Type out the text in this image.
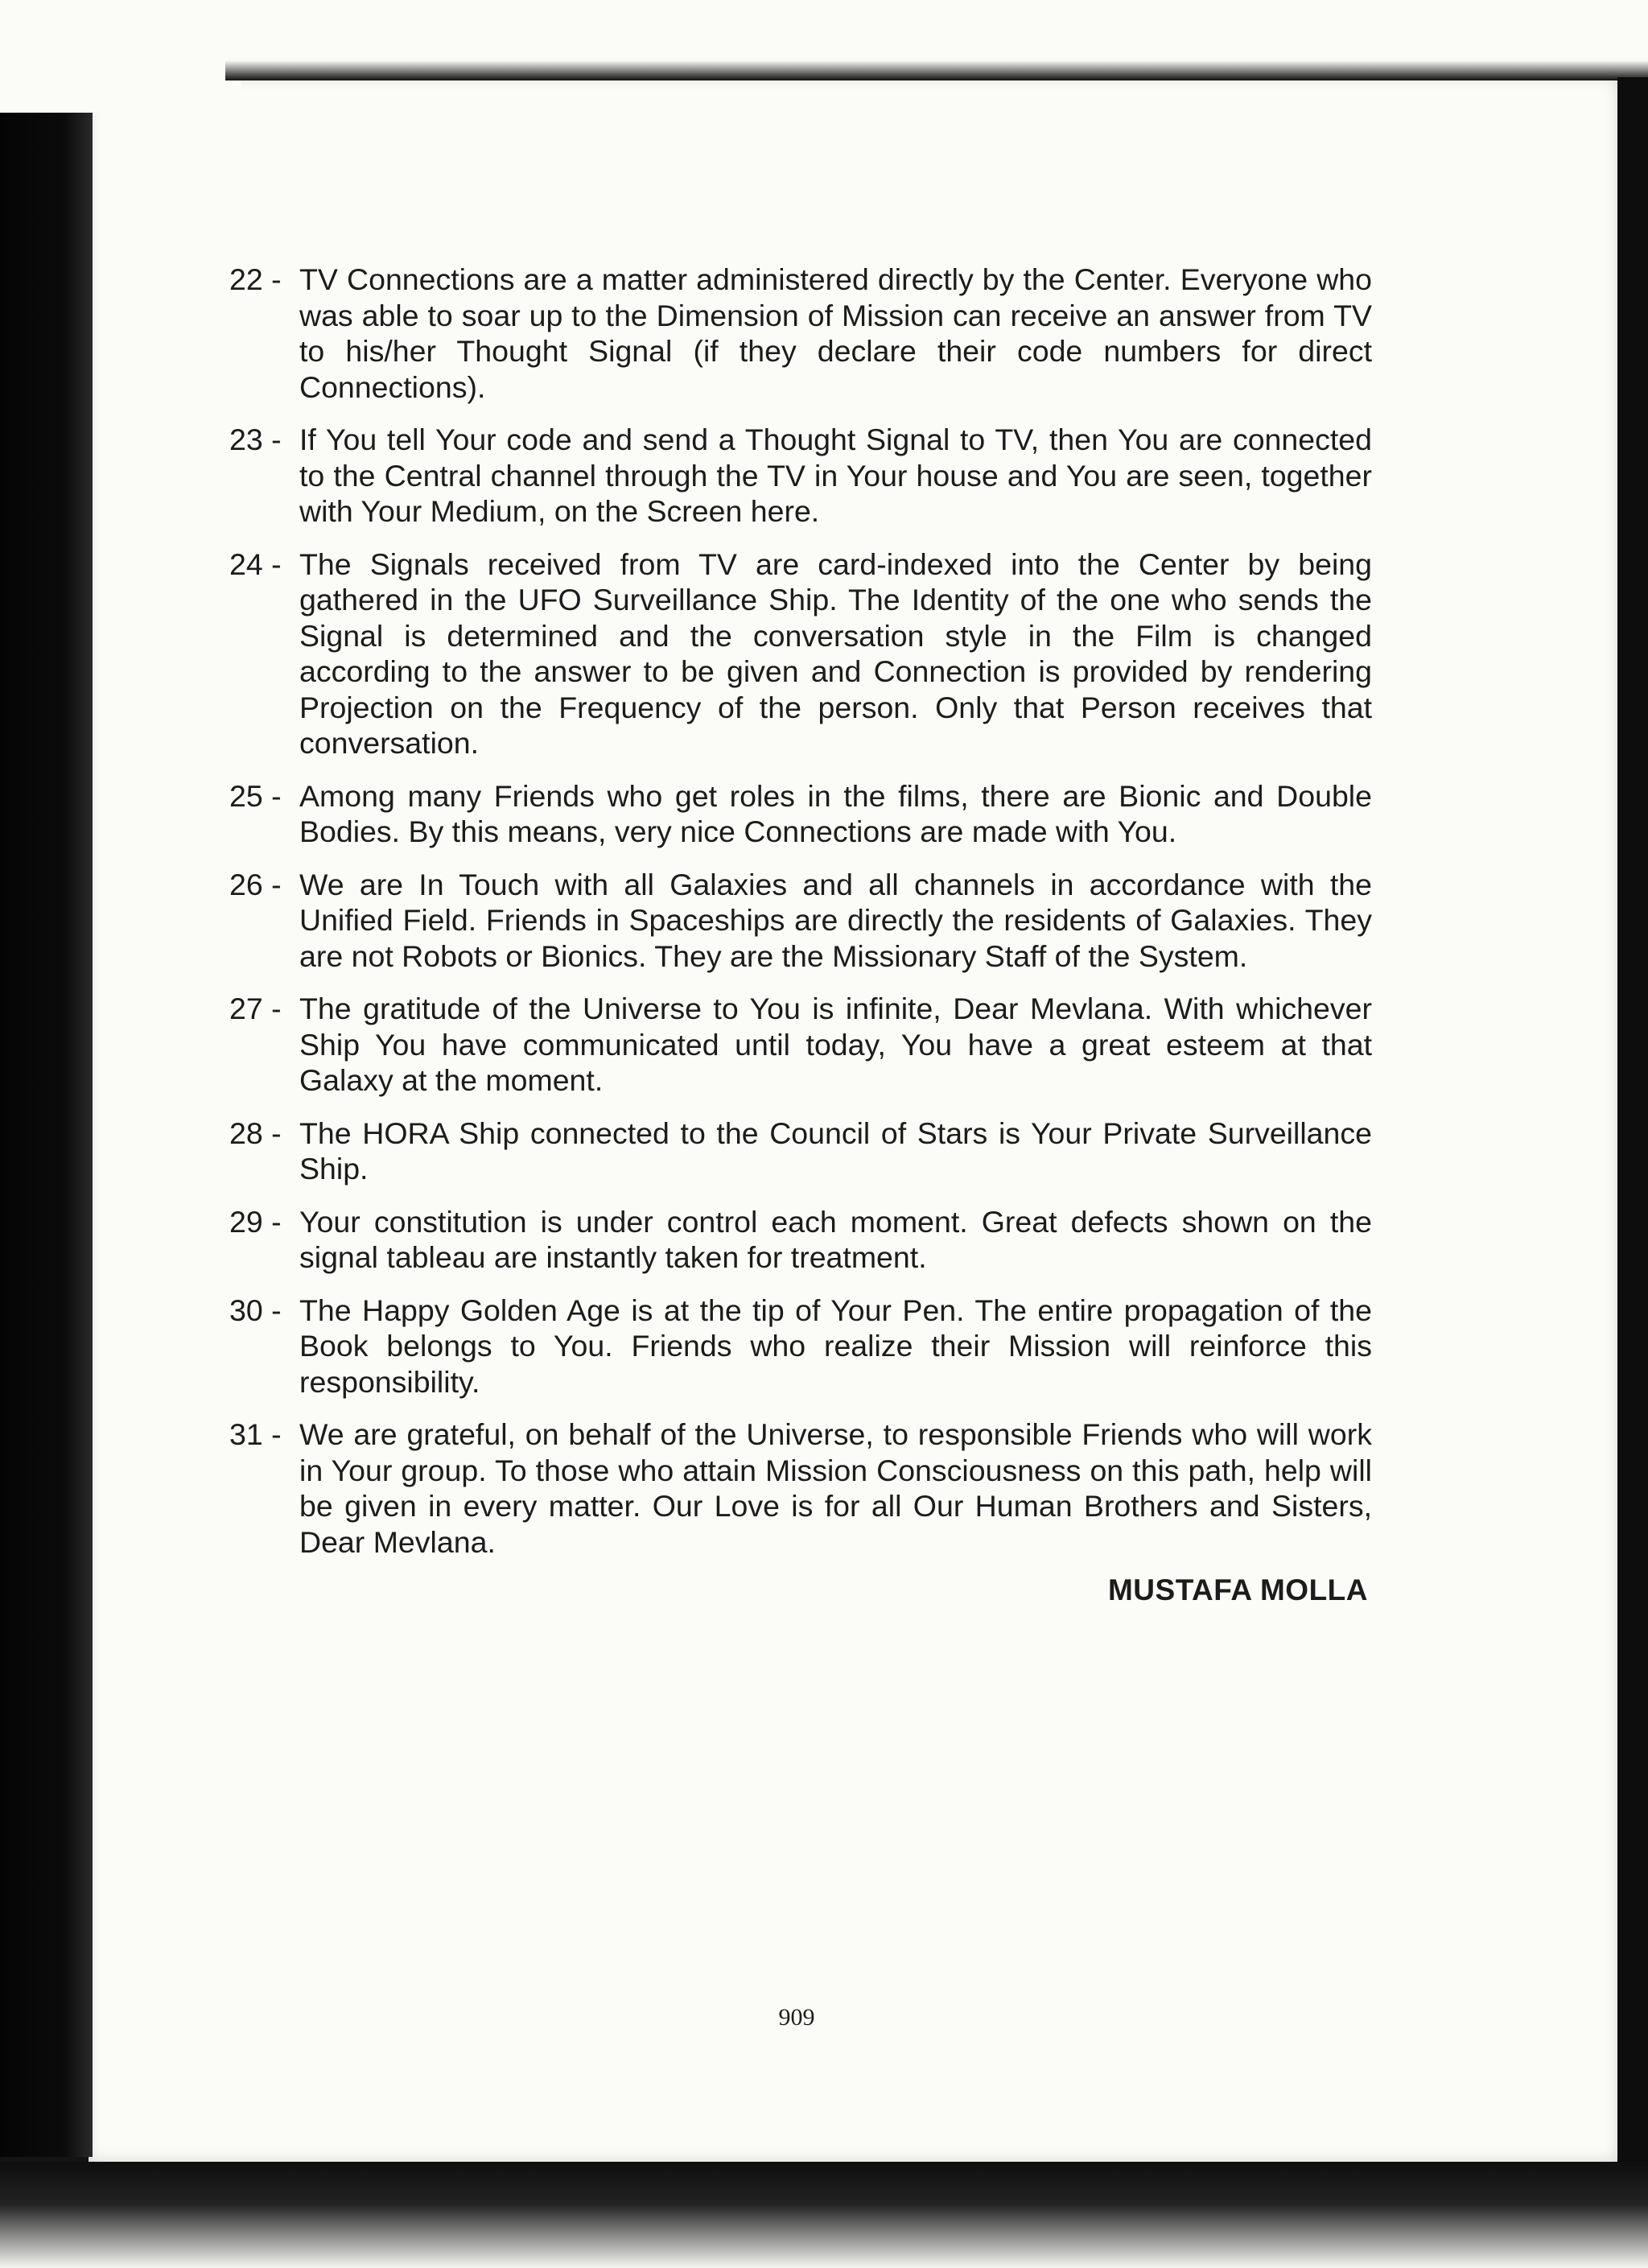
22 - TV Connections are a matter administered directly by the Center. Everyone who was able to soar up to the Dimension of Mission can receive an answer from TV to his/her Thought Signal (if they declare their code numbers for direct Connections).
23 - If You tell Your code and send a Thought Signal to TV, then You are connected to the Central channel through the TV in Your house and You are seen, together with Your Medium, on the Screen here.
24 - The Signals received from TV are card-indexed into the Center by being gathered in the UFO Surveillance Ship. The Identity of the one who sends the Signal is determined and the conversation style in the Film is changed according to the answer to be given and Connection is provided by rendering Projection on the Frequency of the person. Only that Person receives that conversation.
25 - Among many Friends who get roles in the films, there are Bionic and Double Bodies. By this means, very nice Connections are made with You.
26 - We are In Touch with all Galaxies and all channels in accordance with the Unified Field. Friends in Spaceships are directly the residents of Galaxies. They are not Robots or Bionics. They are the Missionary Staff of the System.
27 - The gratitude of the Universe to You is infinite, Dear Mevlana. With whichever Ship You have communicated until today, You have a great esteem at that Galaxy at the moment.
28 - The HORA Ship connected to the Council of Stars is Your Private Surveillance Ship.
29 - Your constitution is under control each moment. Great defects shown on the signal tableau are instantly taken for treatment.
30 - The Happy Golden Age is at the tip of Your Pen. The entire propagation of the Book belongs to You. Friends who realize their Mission will reinforce this responsibility.
31 - We are grateful, on behalf of the Universe, to responsible Friends who will work in Your group. To those who attain Mission Consciousness on this path, help will be given in every matter. Our Love is for all Our Human Brothers and Sisters, Dear Mevlana.
MUSTAFA MOLLA
909
